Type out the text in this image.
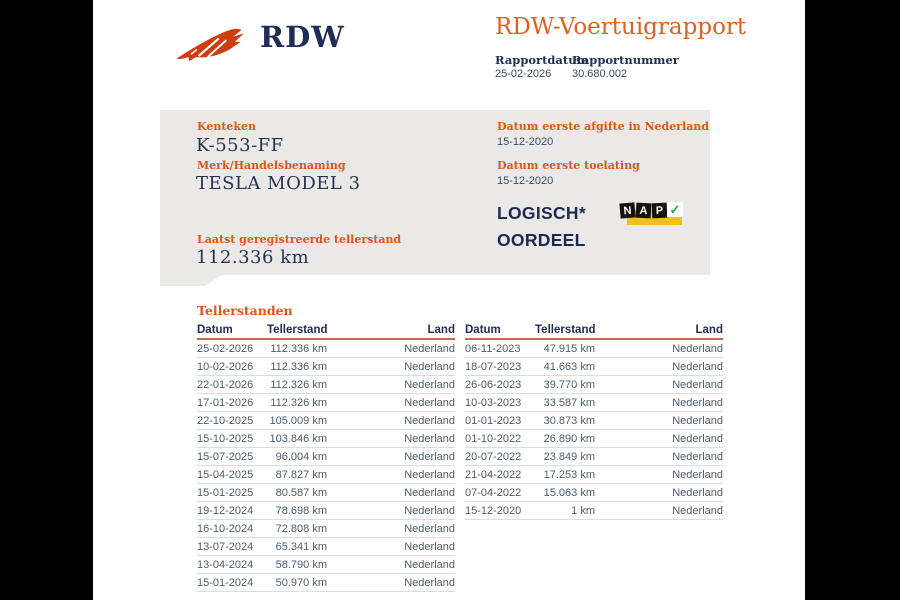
RDW	RDW-Voertuigrapport
Rapportdatum
Rapportnummer
25-02-2026 30.680.002
Kenteken
K-553-FF
Merk/Handelsbenaming
TESLA MODEL 3
Laatst geregistreerde tellerstand
112.336 km
Datum eerste afgifte in Nederland
15-12-2020
Datum eerste toelating
15-12-2020
LOGISCH*
OORDEEL
N A P ✓
Tellerstanden
Datum	Tellerstand	Land
25-02-2026	112.336 km	Nederland
10-02-2026	112.336 km	Nederland
22-01-2026	112.326 km	Nederland
17-01-2026	112.326 km	Nederland
22-10-2025	105.009 km	Nederland
15-10-2025	103.846 km	Nederland
15-07-2025	96.004 km	Nederland
15-04-2025	87.827 km	Nederland
15-01-2025	80.587 km	Nederland
19-12-2024	78.698 km	Nederland
16-10-2024	72.808 km	Nederland
13-07-2024	65.341 km	Nederland
13-04-2024	58.790 km	Nederland
15-01-2024	50.970 km	Nederland
Datum	Tellerstand	Land
06-11-2023	47.915 km	Nederland
18-07-2023	41.663 km	Nederland
26-06-2023	39.770 km	Nederland
10-03-2023	33.587 km	Nederland
01-01-2023	30.873 km	Nederland
01-10-2022	26.890 km	Nederland
20-07-2022	23.849 km	Nederland
21-04-2022	17.253 km	Nederland
07-04-2022	15.063 km	Nederland
15-12-2020	1 km	Nederland
